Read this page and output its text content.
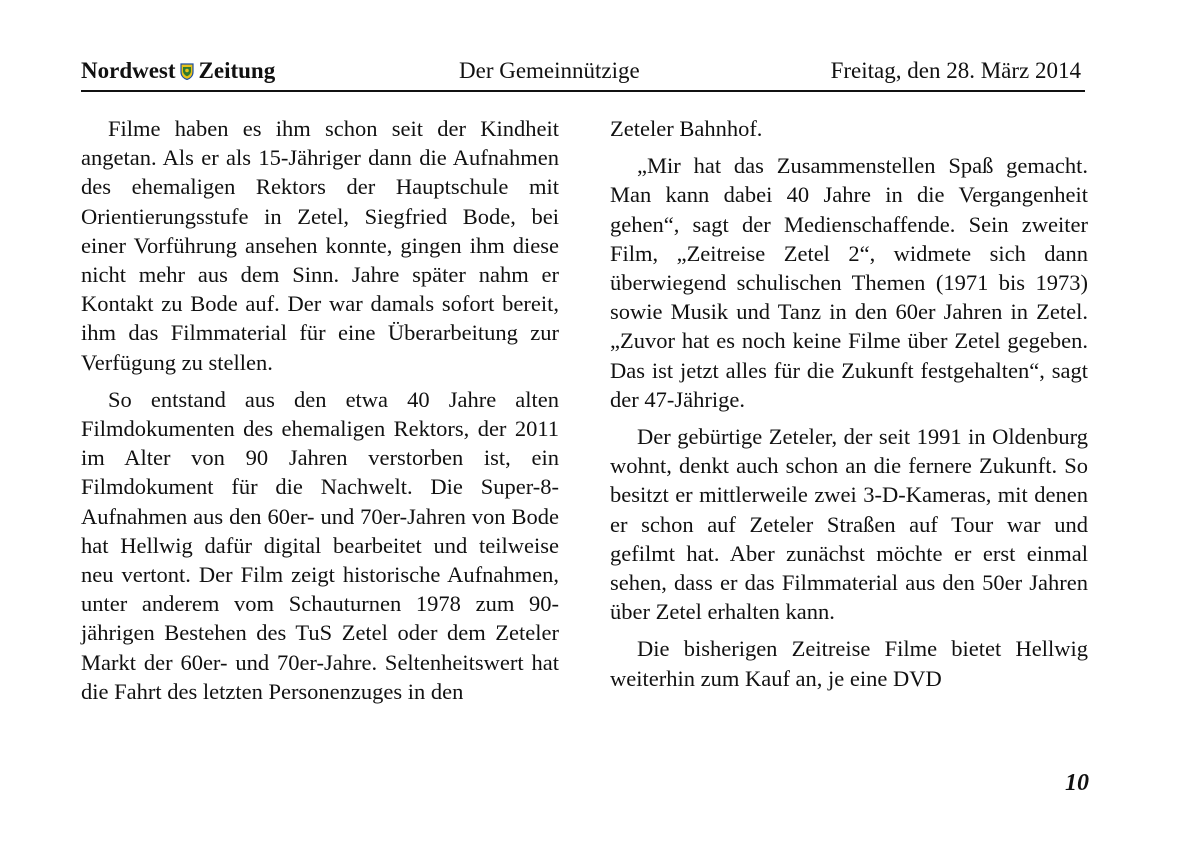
Nordwest Zeitung	Der Gemeinnützige	Freitag, den 28. März 2014

Filme haben es ihm schon seit der Kindheit angetan. Als er als 15-Jähriger dann die Aufnahmen des ehemaligen Rektors der Hauptschule mit Orientierungsstufe in Zetel, Siegfried Bode, bei einer Vorführung ansehen konnte, gingen ihm diese nicht mehr aus dem Sinn. Jahre später nahm er Kontakt zu Bode auf. Der war damals sofort bereit, ihm das Filmmaterial für eine Überarbeitung zur Verfügung zu stellen.

So entstand aus den etwa 40 Jahre alten Filmdokumenten des ehemaligen Rektors, der 2011 im Alter von 90 Jahren verstorben ist, ein Filmdokument für die Nachwelt. Die Super-8-Aufnahmen aus den 60er- und 70er-Jahren von Bode hat Hellwig dafür digital bearbeitet und teilweise neu vertont. Der Film zeigt historische Aufnahmen, unter anderem vom Schauturnen 1978 zum 90-jährigen Bestehen des TuS Zetel oder dem Zeteler Markt der 60er- und 70er-Jahre. Seltenheitswert hat die Fahrt des letzten Personenzuges in den

Zeteler Bahnhof.

„Mir hat das Zusammenstellen Spaß gemacht. Man kann dabei 40 Jahre in die Vergangenheit gehen“, sagt der Medienschaffende. Sein zweiter Film, „Zeitreise Zetel 2“, widmete sich dann überwiegend schulischen Themen (1971 bis 1973) sowie Musik und Tanz in den 60er Jahren in Zetel. „Zuvor hat es noch keine Filme über Zetel gegeben. Das ist jetzt alles für die Zukunft festgehalten“, sagt der 47-Jährige.

Der gebürtige Zeteler, der seit 1991 in Oldenburg wohnt, denkt auch schon an die fernere Zukunft. So besitzt er mittlerweile zwei 3-D-Kameras, mit denen er schon auf Zeteler Straßen auf Tour war und gefilmt hat. Aber zunächst möchte er erst einmal sehen, dass er das Filmmaterial aus den 50er Jahren über Zetel erhalten kann.

Die bisherigen Zeitreise Filme bietet Hellwig weiterhin zum Kauf an, je eine DVD

10
